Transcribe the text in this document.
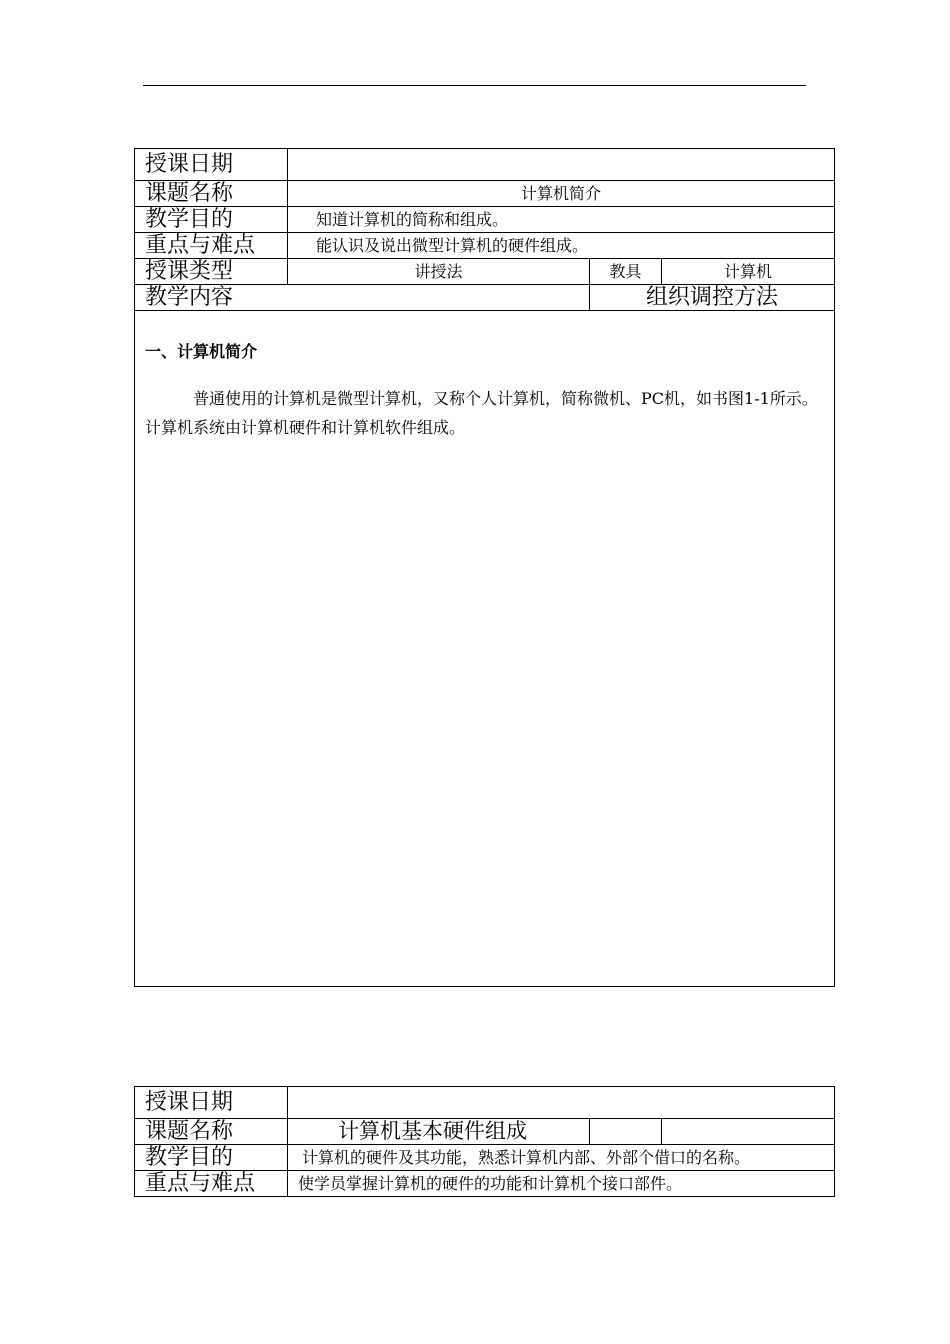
授课日期			
课题名称	计算机简介		
教学目的	知道计算机的简称和组成。		
重点与难点	能认识及说出微型计算机的硬件组成。		
授课类型	讲授法	教具	计算机
教学内容		组织调控方法	

一、计算机简介

普通使用的计算机是微型计算机，又称个人计算机，简称微机、PC机，如书图1-1所示。计算机系统由计算机硬件和计算机软件组成。			

授课日期			
课题名称	计算机基本硬件组成		
教学目的	计算机的硬件及其功能，熟悉计算机内部、外部个借口的名称。		
重点与难点	使学员掌握计算机的硬件的功能和计算机个接口部件。		
